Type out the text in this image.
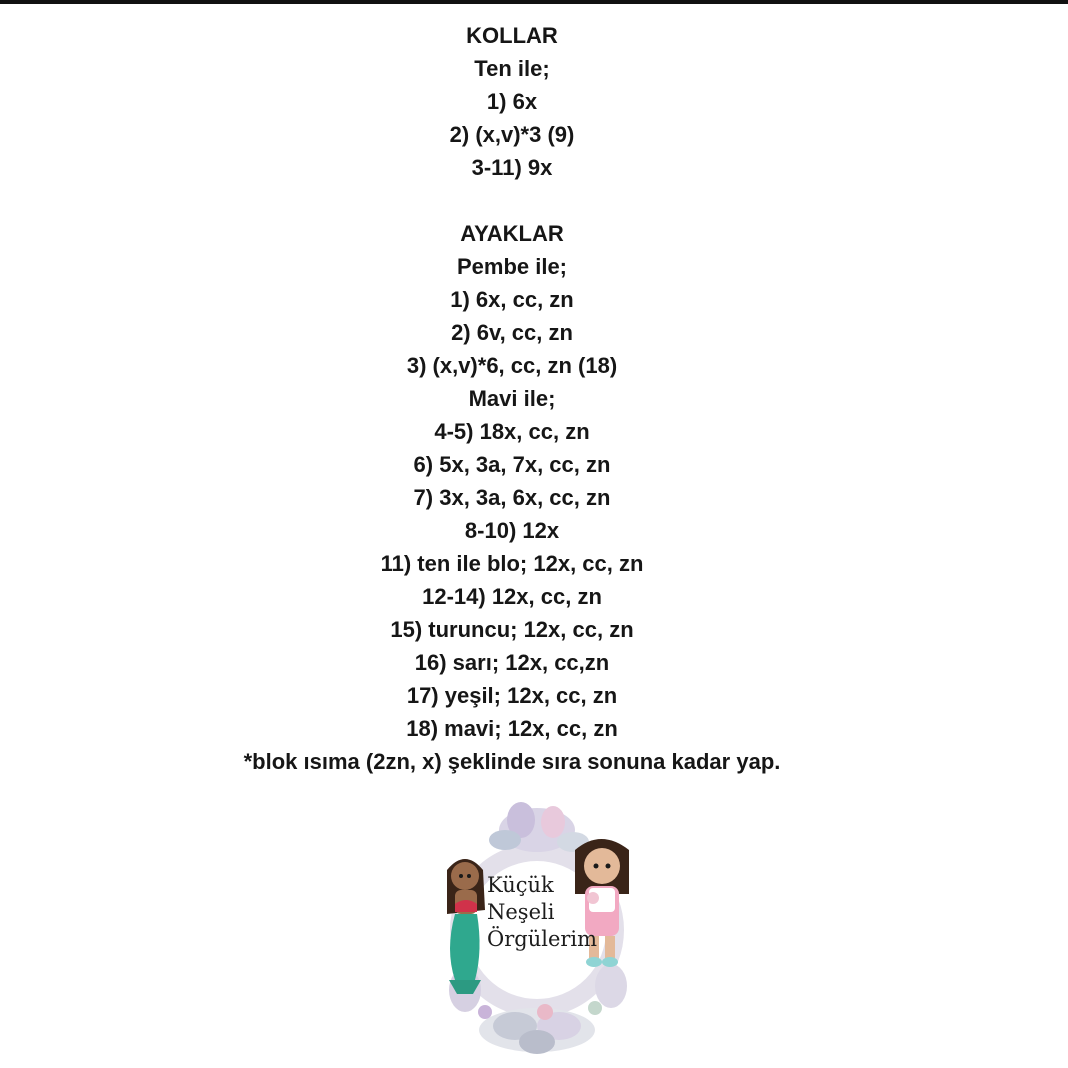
KOLLAR
Ten ile;
1) 6x
2) (x,v)*3 (9)
3-11) 9x
AYAKLAR
Pembe ile;
1) 6x, cc, zn
2) 6v, cc, zn
3) (x,v)*6, cc, zn (18)
Mavi ile;
4-5) 18x, cc, zn
6) 5x, 3a, 7x, cc, zn
7) 3x, 3a, 6x, cc, zn
8-10) 12x
11) ten ile blo; 12x, cc, zn
12-14) 12x, cc, zn
15) turuncu; 12x, cc, zn
16) sarı; 12x, cc,zn
17) yeşil; 12x, cc, zn
18) mavi; 12x, cc, zn
*blok ısıma (2zn, x) şeklinde sıra sonuna kadar yap.
Küçük
Neşeli
Örgülerim
